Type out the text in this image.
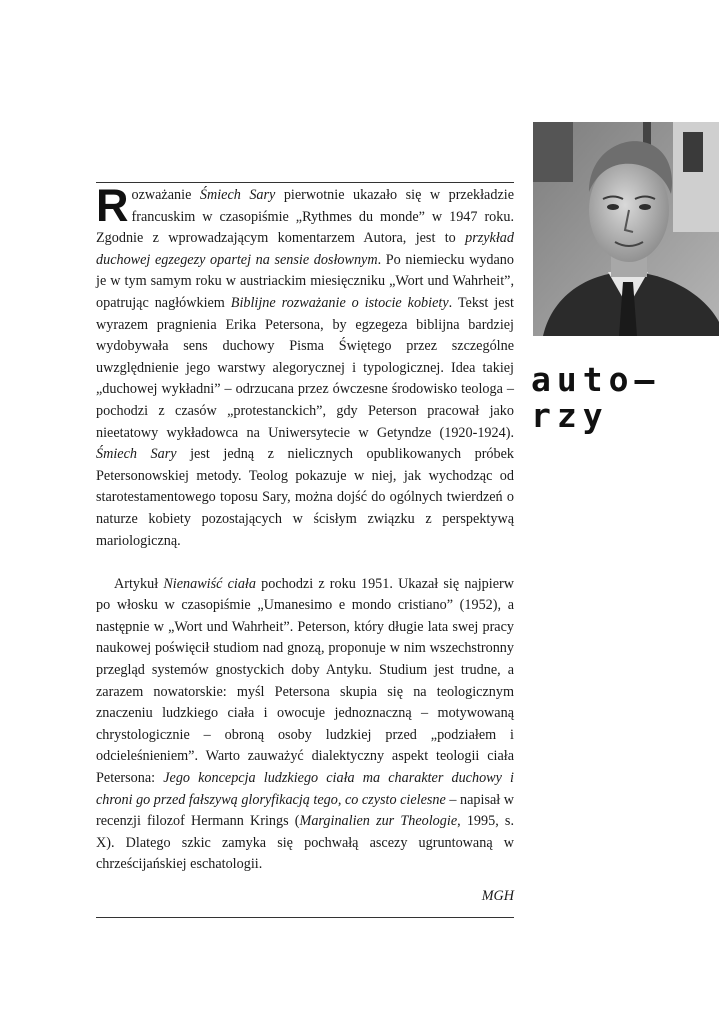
auto–
rzy

Rozważanie Śmiech Sary pierwotnie ukazało się w przekładzie francuskim w czasopiśmie „Rythmes du monde” w 1947 roku. Zgodnie z wprowadzającym komentarzem Autora, jest to przykład duchowej egzegezy opartej na sensie dosłownym. Po niemiecku wydano je w tym samym roku w austriackim miesięczniku „Wort und Wahrheit”, opatrując nagłówkiem Biblijne rozważanie o istocie kobiety. Tekst jest wyrazem pragnienia Erika Petersona, by egzegeza biblijna bardziej wydobywała sens duchowy Pisma Świętego przez szczególne uwzględnienie jego warstwy alegorycznej i typologicznej. Idea takiej „duchowej wykładni” – odrzucana przez ówczesne środowisko teologa – pochodzi z czasów „protestanckich”, gdy Peterson pracował jako nieetatowy wykładowca na Uniwersytecie w Getyndze (1920-1924). Śmiech Sary jest jedną z nielicznych opublikowanych próbek Petersonowskiej metody. Teolog pokazuje w niej, jak wychodząc od starotestamentowego toposu Sary, można dojść do ogólnych twierdzeń o naturze kobiety pozostających w ścisłym związku z perspektywą mariologiczną.

Artykuł Nienawiść ciała pochodzi z roku 1951. Ukazał się najpierw po włosku w czasopiśmie „Umanesimo e mondo cristiano” (1952), a następnie w „Wort und Wahrheit”. Peterson, który długie lata swej pracy naukowej poświęcił studiom nad gnozą, proponuje w nim wszechstronny przegląd systemów gnostyckich doby Antyku. Studium jest trudne, a zarazem nowatorskie: myśl Petersona skupia się na teologicznym znaczeniu ludzkiego ciała i owocuje jednoznaczną – motywowaną chrystologicznie – obroną osoby ludzkiej przed „podziałem i odcieleśnieniem”. Warto zauważyć dialektyczny aspekt teologii ciała Petersona: Jego koncepcja ludzkiego ciała ma charakter duchowy i chroni go przed fałszywą gloryfikacją tego, co czysto cielesne – napisał w recenzji filozof Hermann Krings (Marginalien zur Theologie, 1995, s. X). Dlatego szkic zamyka się pochwałą ascezy ugruntowaną w chrześcijańskiej eschatologii.

MGH
